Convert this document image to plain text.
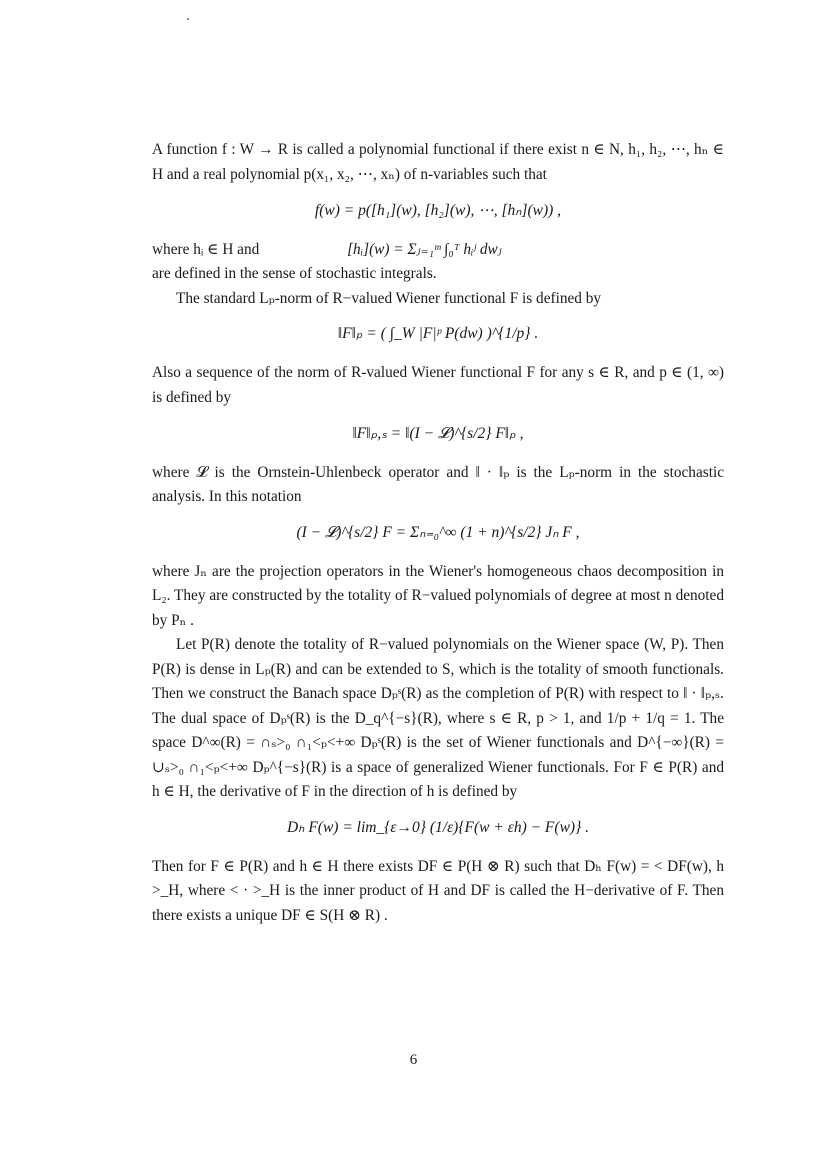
A function f : W → R is called a polynomial functional if there exist n ∈ N, h₁, h₂, ⋯, hₙ ∈ H and a real polynomial p(x₁, x₂, ⋯, xₙ) of n-variables such that

f(w) = p([h₁](w), [h₂](w), ⋯, [hₙ](w)) ,

where hᵢ ∈ H and	[hᵢ](w) = Σⱼ₌₁ᵐ ∫₀ᵀ hᵢʲ dwⱼ

are defined in the sense of stochastic integrals.

The standard Lₚ-norm of R−valued Wiener functional F is defined by

‖F‖ₚ = ( ∫_W |F|ᵖ P(dw) )^{1/p} .

Also a sequence of the norm of R-valued Wiener functional F for any s ∈ R, and p ∈ (1, ∞) is defined by

‖F‖ₚ,ₛ = ‖(I − 𝓛)^{s/2} F‖ₚ ,

where 𝓛 is the Ornstein-Uhlenbeck operator and ‖ · ‖ₚ is the Lₚ-norm in the stochastic analysis. In this notation

(I − 𝓛)^{s/2} F = Σₙ₌₀^∞ (1 + n)^{s/2} Jₙ F ,

where Jₙ are the projection operators in the Wiener's homogeneous chaos decomposition in L₂. They are constructed by the totality of R−valued polynomials of degree at most n denoted by Pₙ .

Let P(R) denote the totality of R−valued polynomials on the Wiener space (W, P). Then P(R) is dense in Lₚ(R) and can be extended to S, which is the totality of smooth functionals. Then we construct the Banach space Dₚˢ(R) as the completion of P(R) with respect to ‖ · ‖ₚ,ₛ. The dual space of Dₚˢ(R) is the D_q^{−s}(R), where s ∈ R, p > 1, and 1/p + 1/q = 1. The space D^∞(R) = ∩ₛ>₀ ∩₁<ₚ<+∞ Dₚˢ(R) is the set of Wiener functionals and D^{−∞}(R) = ∪ₛ>₀ ∩₁<ₚ<+∞ Dₚ^{−s}(R) is a space of generalized Wiener functionals. For F ∈ P(R) and h ∈ H, the derivative of F in the direction of h is defined by

Dₕ F(w) = lim_{ε→0} (1/ε){F(w + εh) − F(w)} .

Then for F ∈ P(R) and h ∈ H there exists DF ∈ P(H ⊗ R) such that Dₕ F(w) = < DF(w), h >_H, where < · >_H is the inner product of H and DF is called the H−derivative of F. Then there exists a unique DF ∈ S(H ⊗ R) .

6
